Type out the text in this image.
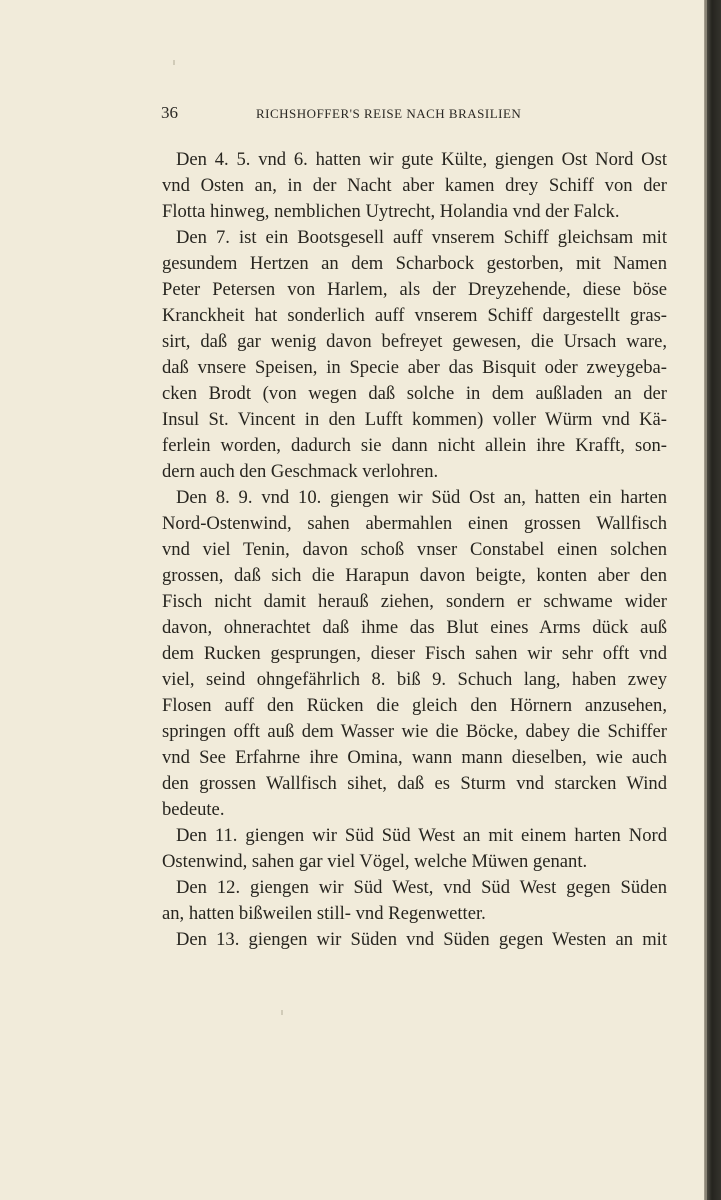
36	RICHSHOFFER'S REISE NACH BRASILIEN
Den 4. 5. vnd 6. hatten wir gute Külte, giengen Ost Nord Ost
vnd Osten an, in der Nacht aber kamen drey Schiff von der
Flotta hinweg, nemblichen Uytrecht, Holandia vnd der Falck.
Den 7. ist ein Bootsgesell auff vnserem Schiff gleichsam mit
gesundem Hertzen an dem Scharbock gestorben, mit Namen
Peter Petersen von Harlem, als der Dreyzehende, diese böse
Kranckheit hat sonderlich auff vnserem Schiff dargestellt gras-
sirt, daß gar wenig davon befreyet gewesen, die Ursach ware,
daß vnsere Speisen, in Specie aber das Bisquit oder zweygeba-
cken Brodt (von wegen daß solche in dem außladen an der
Insul St. Vincent in den Lufft kommen) voller Würm vnd Kä-
ferlein worden, dadurch sie dann nicht allein ihre Krafft, son-
dern auch den Geschmack verlohren.
Den 8. 9. vnd 10. giengen wir Süd Ost an, hatten ein harten
Nord-Ostenwind, sahen abermahlen einen grossen Wallfisch
vnd viel Tenin, davon schoß vnser Constabel einen solchen
grossen, daß sich die Harapun davon beigte, konten aber den
Fisch nicht damit herauß ziehen, sondern er schwame wider
davon, ohnerachtet daß ihme das Blut eines Arms dück auß
dem Rucken gesprungen, dieser Fisch sahen wir sehr offt vnd
viel, seind ohngefährlich 8. biß 9. Schuch lang, haben zwey
Flosen auff den Rücken die gleich den Hörnern anzusehen,
springen offt auß dem Wasser wie die Böcke, dabey die Schiffer
vnd See Erfahrne ihre Omina, wann mann dieselben, wie auch
den grossen Wallfisch sihet, daß es Sturm vnd starcken Wind
bedeute.
Den 11. giengen wir Süd Süd West an mit einem harten Nord
Ostenwind, sahen gar viel Vögel, welche Müwen genant.
Den 12. giengen wir Süd West, vnd Süd West gegen Süden
an, hatten bißweilen still- vnd Regenwetter.
Den 13. giengen wir Süden vnd Süden gegen Westen an mit
